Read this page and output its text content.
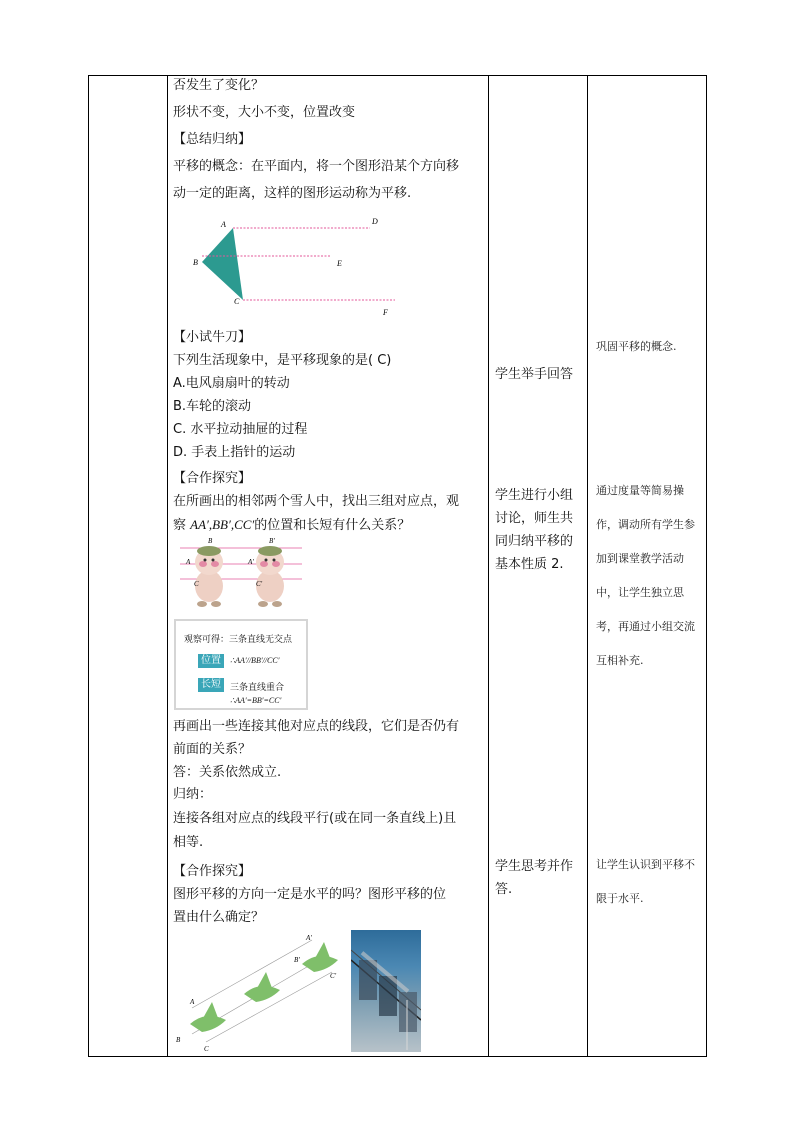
否发生了变化？
形状不变，大小不变，位置改变
【总结归纳】
平移的概念：在平面内，将一个图形沿某个方向移
动一定的距离，这样的图形运动称为平移.
A
B
C
D
E
F
【小试牛刀】
下列生活现象中，是平移现象的是( C)
A.电风扇扇叶的转动
B.车轮的滚动
C. 水平拉动抽屉的过程
D. 手表上指针的运动
【合作探究】
在所画出的相邻两个雪人中，找出三组对应点，观
察 AA′,BB′,CC′的位置和长短有什么关系？
B	B′
A	A′
C	C′
观察可得：三条直线无交点
位置	∴AA′//BB′//CC′
长短	三条直线重合
∴AA′=BB′=CC′
再画出一些连接其他对应点的线段，它们是否仍有
前面的关系？
答：关系依然成立.
归纳：
连接各组对应点的线段平行(或在同一条直线上)且
相等.
【合作探究】
图形平移的方向一定是水平的吗？图形平移的位
置由什么确定？
A′
B′
C′
A
B
C
学生举手回答
学生进行小组讨论，师生共同归纳平移的基本性质 2.
学生思考并作答.
巩固平移的概念.
通过度量等简易操作，调动所有学生参加到课堂教学活动中，让学生独立思考，再通过小组交流互相补充.
让学生认识到平移不限于水平.
